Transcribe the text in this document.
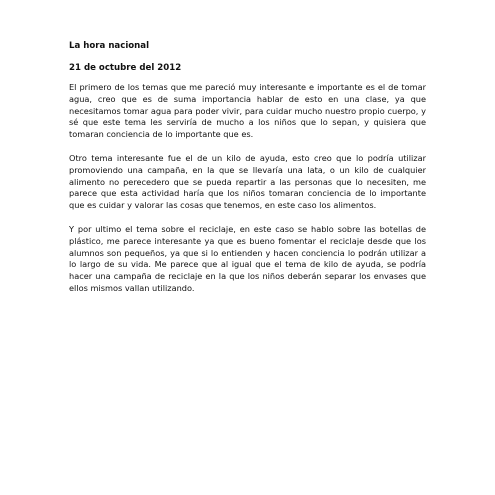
La hora nacional
21 de octubre del 2012

El primero de los temas que me pareció muy interesante e importante es el de tomar agua, creo que es de suma importancia hablar de esto en una clase, ya que necesitamos tomar agua para poder vivir, para cuidar mucho nuestro propio cuerpo, y sé que este tema les serviría de mucho a los niños que lo sepan, y quisiera que tomaran conciencia de lo importante que es.

Otro tema interesante fue el de un kilo de ayuda, esto creo que lo podría utilizar promoviendo una campaña, en la que se llevaría una lata, o un kilo de cualquier alimento no perecedero que se pueda repartir a las personas que lo necesiten, me parece que esta actividad haría que los niños tomaran conciencia de lo importante que es cuidar y valorar las cosas que tenemos, en este caso los alimentos.

Y por ultimo el tema sobre el reciclaje, en este caso se hablo sobre las botellas de plástico, me parece interesante ya que es bueno fomentar el reciclaje desde que los alumnos son pequeños, ya que si lo entienden y hacen conciencia lo podrán utilizar a lo largo de su vida. Me parece que al igual que el tema de kilo de ayuda, se podría hacer una campaña de reciclaje en la que los niños deberán separar los envases que ellos mismos vallan utilizando.
